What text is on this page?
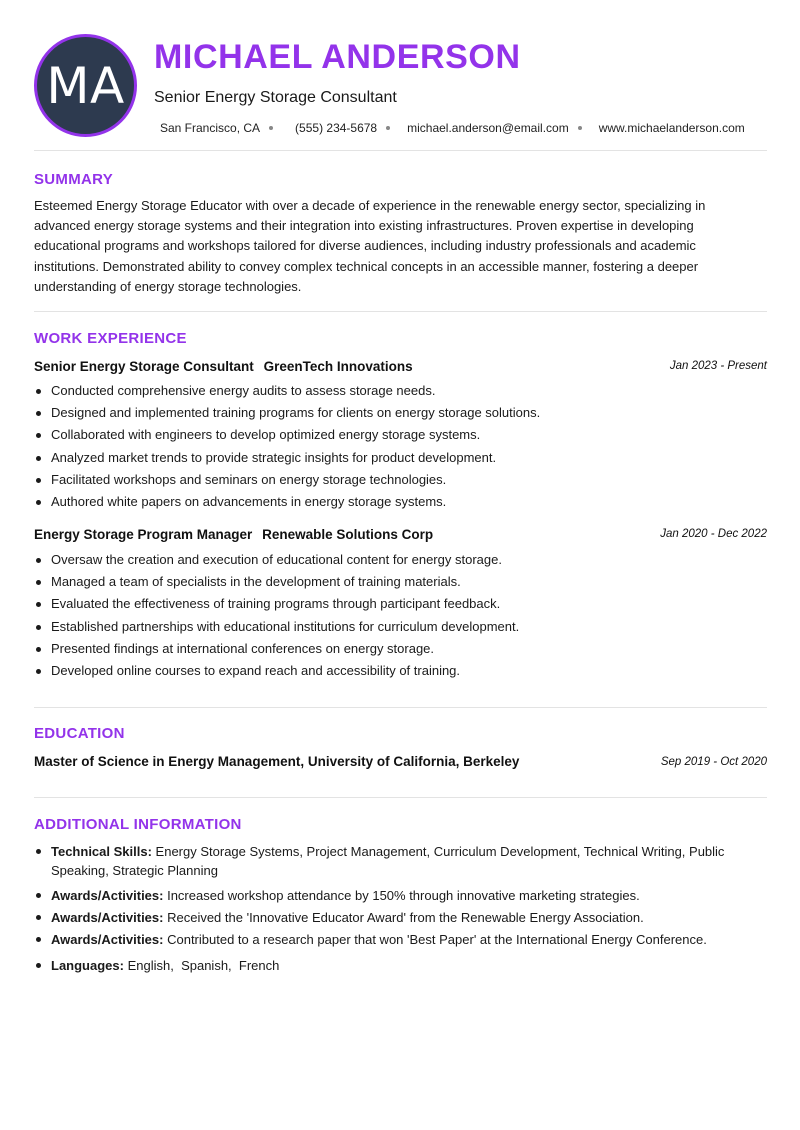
MA MICHAEL ANDERSON
Senior Energy Storage Consultant
San Francisco, CA	(555) 234-5678	michael.anderson@email.com	www.michaelanderson.com
SUMMARY
Esteemed Energy Storage Educator with over a decade of experience in the renewable energy sector, specializing in advanced energy storage systems and their integration into existing infrastructures. Proven expertise in developing educational programs and workshops tailored for diverse audiences, including industry professionals and academic institutions. Demonstrated ability to convey complex technical concepts in an accessible manner, fostering a deeper understanding of energy storage technologies.
WORK EXPERIENCE
Senior Energy Storage Consultant GreenTech Innovations	Jan 2023 - Present
Conducted comprehensive energy audits to assess storage needs.
Designed and implemented training programs for clients on energy storage solutions.
Collaborated with engineers to develop optimized energy storage systems.
Analyzed market trends to provide strategic insights for product development.
Facilitated workshops and seminars on energy storage technologies.
Authored white papers on advancements in energy storage systems.
Energy Storage Program Manager Renewable Solutions Corp	Jan 2020 - Dec 2022
Oversaw the creation and execution of educational content for energy storage.
Managed a team of specialists in the development of training materials.
Evaluated the effectiveness of training programs through participant feedback.
Established partnerships with educational institutions for curriculum development.
Presented findings at international conferences on energy storage.
Developed online courses to expand reach and accessibility of training.
EDUCATION
Master of Science in Energy Management, University of California, Berkeley	Sep 2019 - Oct 2020
ADDITIONAL INFORMATION
Technical Skills: Energy Storage Systems, Project Management, Curriculum Development, Technical Writing, Public Speaking, Strategic Planning
Awards/Activities: Increased workshop attendance by 150% through innovative marketing strategies.
Awards/Activities: Received the 'Innovative Educator Award' from the Renewable Energy Association.
Awards/Activities: Contributed to a research paper that won 'Best Paper' at the International Energy Conference.
Languages: English,  Spanish,  French
